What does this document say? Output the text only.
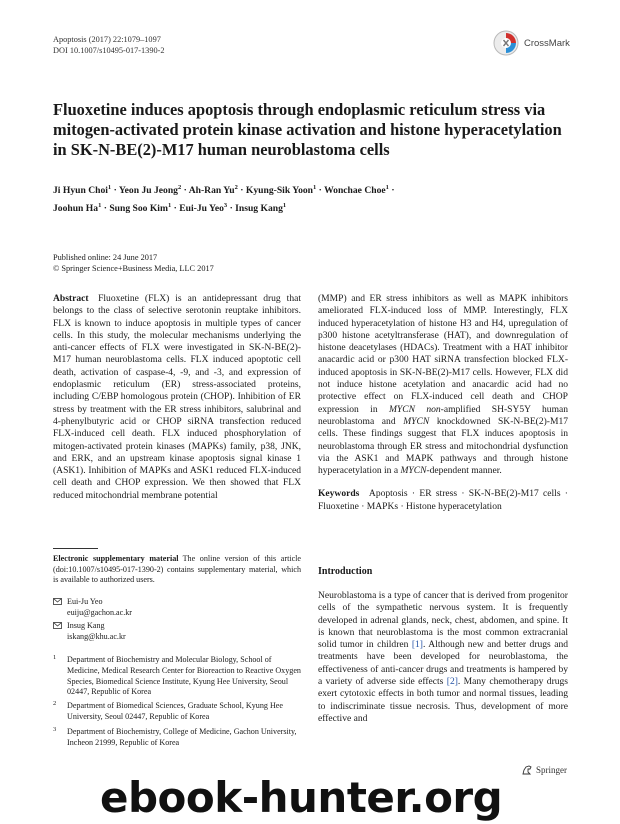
Apoptosis (2017) 22:1079–1097
DOI 10.1007/s10495-017-1390-2
CrossMark
Fluoxetine induces apoptosis through endoplasmic reticulum stress via mitogen-activated protein kinase activation and histone hyperacetylation in SK-N-BE(2)-M17 human neuroblastoma cells
Ji Hyun Choi$^1$ · Yeon Ju Jeong$^2$ · Ah-Ran $Yu^2$ · Kyung-Sik Yoon$^1$ · Wonchae Choe$^1$ ·
Joohun $Ha^1$ · Sung Soo Kim$^1$ · Eui-Ju Yeo$^3$ · Insug Kang$^1$
Published online: 24 June 2017
© Springer Science+Business Media, LLC 2017
Abstract  Fluoxetine (FLX) is an antidepressant drug that belongs to the class of selective serotonin reuptake inhibitors. FLX is known to induce apoptosis in multiple types of cancer cells. In this study, the molecular mechanisms underlying the anti-cancer effects of FLX were investigated in SK-N-BE(2)-M17 human neuroblastoma cells. FLX induced apoptotic cell death, activation of caspase-4, -9, and -3, and expression of endoplasmic reticulum (ER) stress-associated proteins, including C/EBP homologous protein (CHOP). Inhibition of ER stress by treatment with the ER stress inhibitors, salubrinal and 4-phenylbutyric acid or CHOP siRNA transfection reduced FLX-induced cell death. FLX induced phosphorylation of mitogen-activated protein kinases (MAPKs) family, p38, JNK, and ERK, and an upstream kinase apoptosis signal kinase 1 (ASK1). Inhibition of MAPKs and ASK1 reduced FLX-induced cell death and CHOP expression. We then showed that FLX reduced mitochondrial membrane potential
(MMP) and ER stress inhibitors as well as MAPK inhibitors ameliorated FLX-induced loss of MMP. Interestingly, FLX induced hyperacetylation of histone H3 and H4, upregulation of p300 histone acetyltransferase (HAT), and downregulation of histone deacetylases (HDACs). Treatment with a HAT inhibitor anacardic acid or p300 HAT siRNA transfection blocked FLX-induced apoptosis in SK-N-BE(2)-M17 cells. However, FLX did not induce histone acetylation and anacardic acid had no protective effect on FLX-induced cell death and CHOP expression in MYCN non-amplified SH-SY5Y human neuroblastoma and MYCN knockdowned SK-N-BE(2)-M17 cells. These findings suggest that FLX induces apoptosis in neuroblastoma through ER stress and mitochondrial dysfunction via the ASK1 and MAPK pathways and through histone hyperacetylation in a MYCN-dependent manner.
Keywords  Apoptosis · ER stress · SK-N-BE(2)-M17 cells · Fluoxetine · MAPKs · Histone hyperacetylation
Electronic supplementary material  The online version of this article (doi:10.1007/s10495-017-1390-2) contains supplementary material, which is available to authorized users.
Eui-Ju Yeo
euiju@gachon.ac.kr
Insug Kang
iskang@khu.ac.kr
1 Department of Biochemistry and Molecular Biology, School of Medicine, Medical Research Center for Bioreaction to Reactive Oxygen Species, Biomedical Science Institute, Kyung Hee University, Seoul 02447, Republic of Korea
2 Department of Biomedical Sciences, Graduate School, Kyung Hee University, Seoul 02447, Republic of Korea
3 Department of Biochemistry, College of Medicine, Gachon University, Incheon 21999, Republic of Korea
Introduction
Neuroblastoma is a type of cancer that is derived from progenitor cells of the sympathetic nervous system. It is frequently developed in adrenal glands, neck, chest, abdomen, and spine. It is known that neuroblastoma is the most common extracranial solid tumor in children [1]. Although new and better drugs and treatments have been developed for neuroblastoma, the effectiveness of anti-cancer drugs and treatments is hampered by a variety of adverse side effects [2]. Many chemotherapy drugs exert cytotoxic effects in both tumor and normal tissues, leading to indiscriminate tissue necrosis. Thus, development of more effective and
Springer
ebook-hunter.org
